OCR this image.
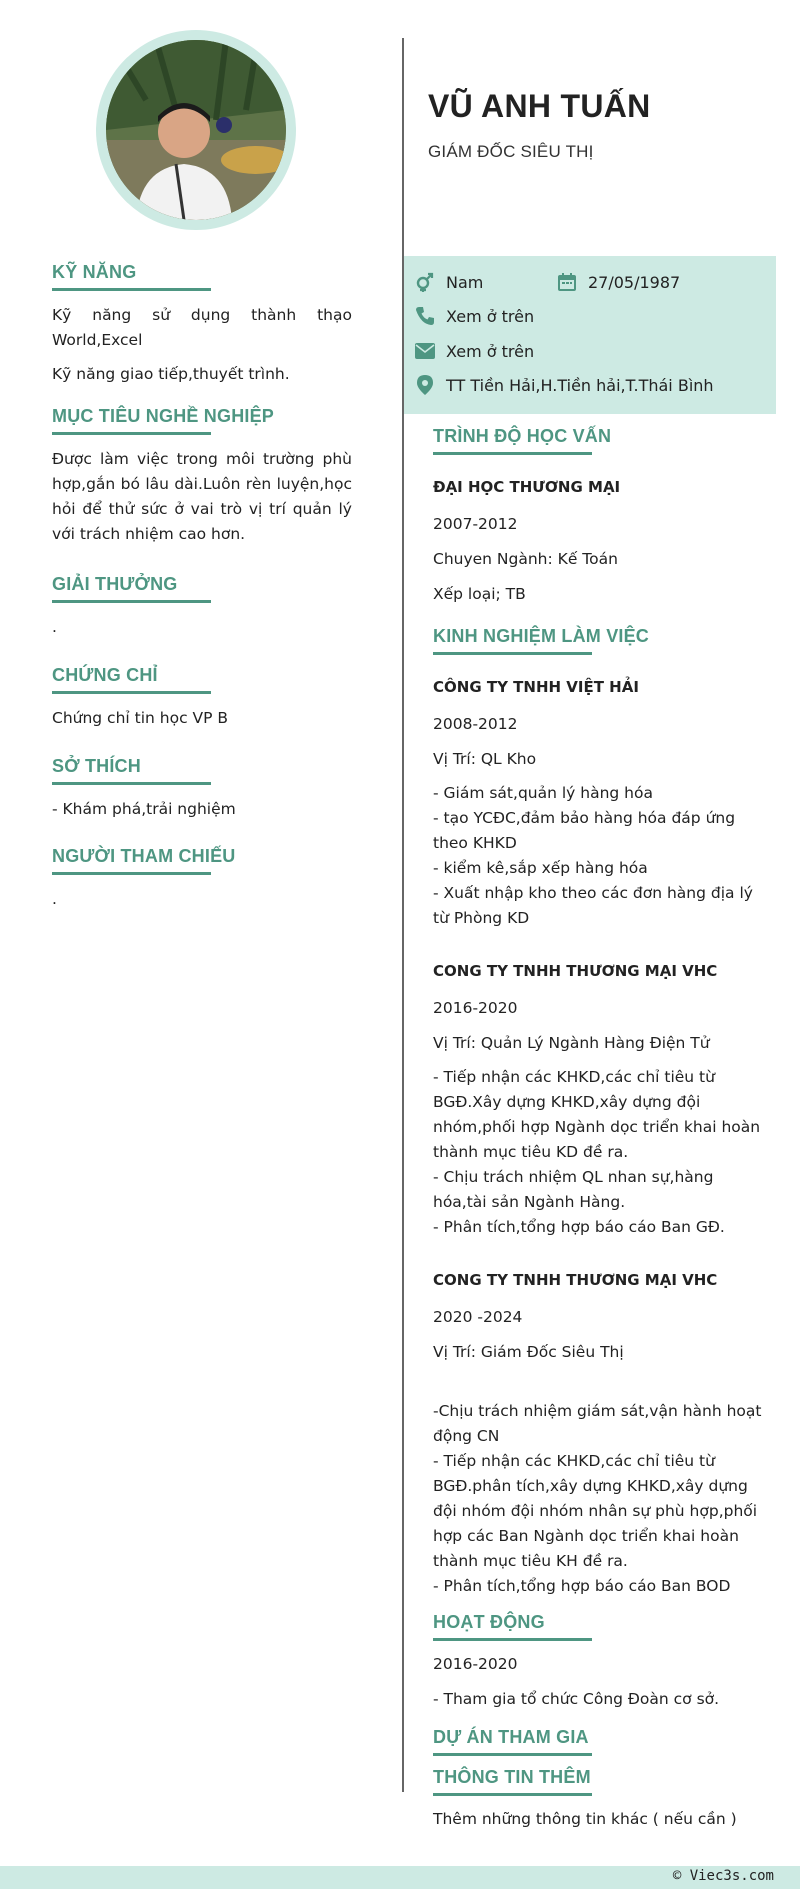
KỸ NĂNG

Kỹ năng sử dụng thành thạo World,Excel

Kỹ năng giao tiếp,thuyết trình.

MỤC TIÊU NGHỀ NGHIỆP
Được làm việc trong môi trường phù hợp,gắn bó lâu dài.Luôn rèn luyện,học hỏi để thử sức ở vai trò vị trí quản lý với trách nhiệm cao hơn.
GIẢI THƯỞNG
.
CHỨNG CHỈ
Chứng chỉ tin học VP B
SỞ THÍCH
- Khám phá,trải nghiệm
NGƯỜI THAM CHIẾU
.
VŨ ANH TUẤN
GIÁM ĐỐC SIÊU THỊ
Nam	27/05/1987
Xem ở trên
Xem ở trên
TT Tiền Hải,H.Tiền hải,T.Thái Bình
TRÌNH ĐỘ HỌC VẤN
ĐẠI HỌC THƯƠNG MẠI
2007-2012
Chuyen Ngành: Kế Toán
Xếp loại; TB
KINH NGHIỆM LÀM VIỆC
CÔNG TY TNHH VIỆT HẢI
2008-2012
Vị Trí: QL Kho
- Giám sát,quản lý hàng hóa
- tạo YCĐC,đảm bảo hàng hóa đáp ứng
theo KHKD
- kiểm kê,sắp xếp hàng hóa
- Xuất nhập kho theo các đơn hàng địa lý
từ Phòng KD
CONG TY TNHH THƯƠNG MẠI VHC
2016-2020
Vị Trí: Quản Lý Ngành Hàng Điện Tử
- Tiếp nhận các KHKD,các chỉ tiêu từ
BGĐ.Xây dựng KHKD,xây dựng đội
nhóm,phối hợp Ngành dọc triển khai hoàn
thành mục tiêu KD đề ra.
- Chịu trách nhiệm QL nhan sự,hàng
hóa,tài sản Ngành Hàng.
- Phân tích,tổng hợp báo cáo Ban GĐ.
CONG TY TNHH THƯƠNG MẠI VHC
2020 -2024
Vị Trí: Giám Đốc Siêu Thị
-Chịu trách nhiệm giám sát,vận hành hoạt
động CN
- Tiếp nhận các KHKD,các chỉ tiêu từ
BGĐ.phân tích,xây dựng KHKD,xây dựng
đội nhóm đội nhóm nhân sự phù hợp,phối
hợp các Ban Ngành dọc triển khai hoàn
thành mục tiêu KH đề ra.
- Phân tích,tổng hợp báo cáo Ban BOD
HOẠT ĐỘNG
2016-2020
- Tham gia tổ chức Công Đoàn cơ sở.
DỰ ÁN THAM GIA
THÔNG TIN THÊM
Thêm những thông tin khác ( nếu cần )
© Viec3s.com
